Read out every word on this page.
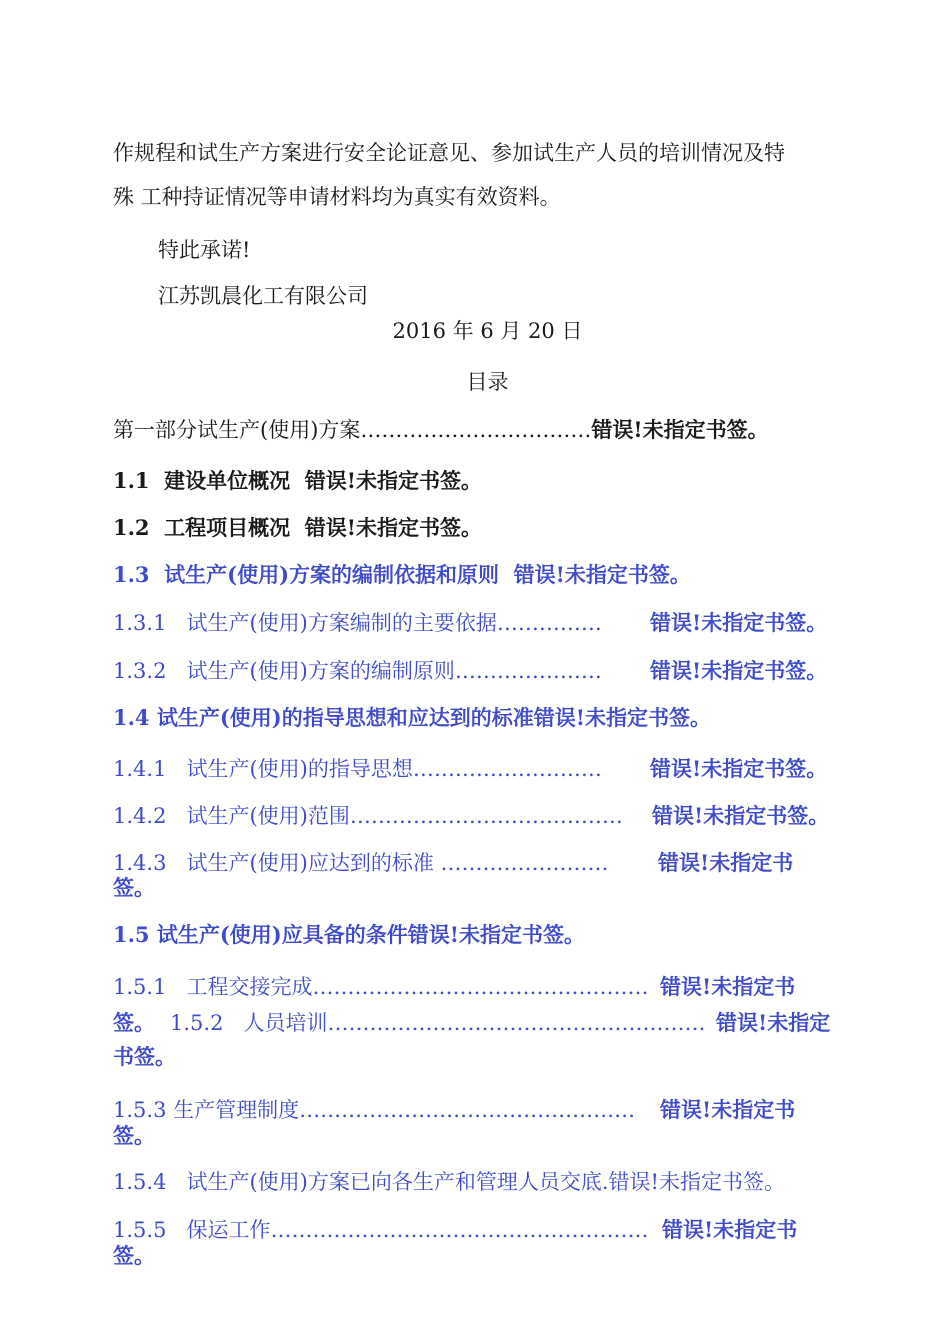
作规程和试生产方案进行安全论证意见、参加试生产人员的培训情况及特
殊 工种持证情况等申请材料均为真实有效资料。
特此承诺!
江苏凯晨化工有限公司
2016 年 6 月 20 日
目录
第一部分试生产(使用)方案……………………………错误!未指定书签。
1.1 建设单位概况 错误!未指定书签。
1.2 工程项目概况 错误!未指定书签。
1.3 试生产(使用)方案的编制依据和原则 错误!未指定书签。
1.3.1 试生产(使用)方案编制的主要依据…………… 错误!未指定书签。
1.3.2 试生产(使用)方案的编制原则………………… 错误!未指定书签。
1.4 试生产(使用)的指导思想和应达到的标准错误!未指定书签。
1.4.1 试生产(使用)的指导思想……………………… 错误!未指定书签。
1.4.2 试生产(使用)范围………………………………… 错误!未指定书签。
1.4.3 试生产(使用)应达到的标准 …………………… 错误!未指定书
签。
1.5 试生产(使用)应具备的条件错误!未指定书签。
1.5.1 工程交接完成………………………………………… 错误!未指定书
签。 1.5.2 人员培训……………………………………………… 错误!未指定
书签。
1.5.3 生产管理制度………………………………………… 错误!未指定书
签。
1.5.4 试生产(使用)方案已向各生产和管理人员交底.错误!未指定书签。
1.5.5 保运工作……………………………………………… 错误!未指定书
签。
